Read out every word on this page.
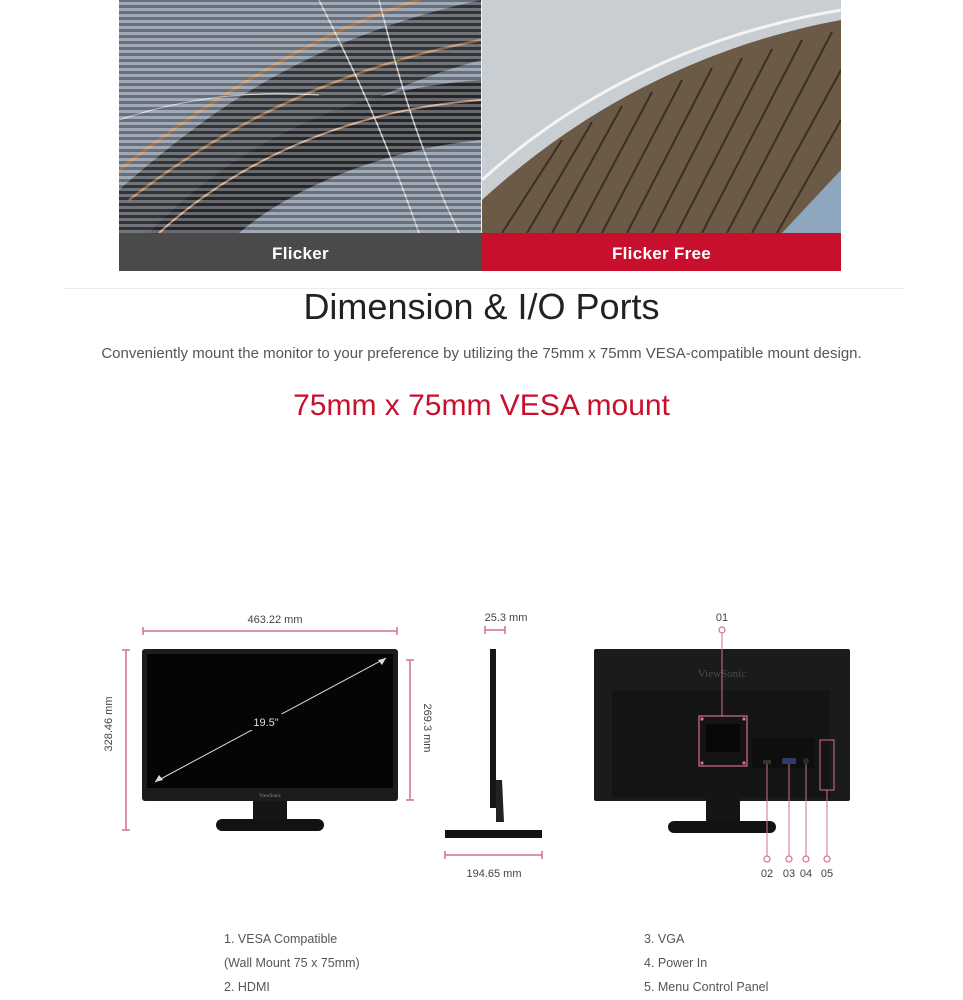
Flicker	Flicker Free
Dimension & I/O Ports
Conveniently mount the monitor to your preference by utilizing the 75mm x 75mm VESA-compatible mount design.
75mm x 75mm VESA mount
463.22 mm
328.46 mm	19.5"
ViewSonic
269.3 mm
25.3 mm
194.65 mm
ViewSonic
01
02 03 04 05
1. VESA Compatible
(Wall Mount 75 x 75mm)
2. HDMI
3. VGA
4. Power In
5. Menu Control Panel
